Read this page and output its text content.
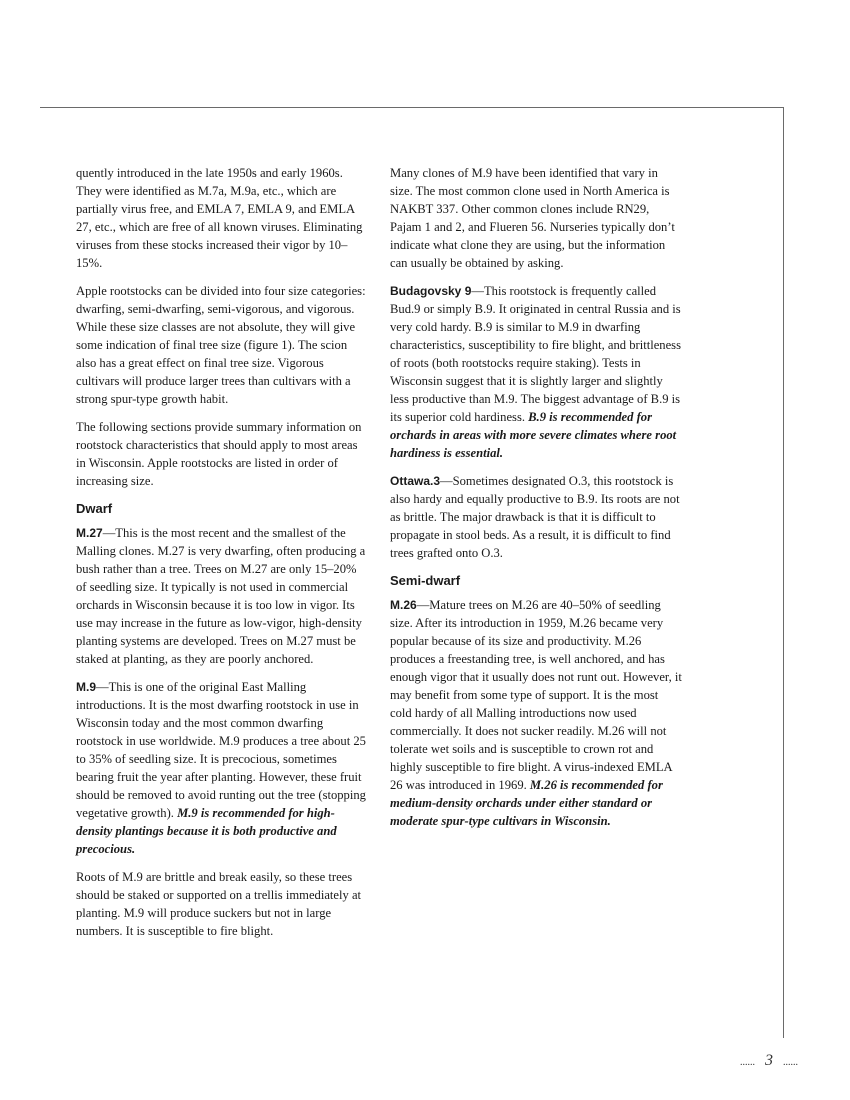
quently introduced in the late 1950s and early 1960s. They were identified as M.7a, M.9a, etc., which are partially virus free, and EMLA 7, EMLA 9, and EMLA 27, etc., which are free of all known viruses. Eliminating viruses from these stocks increased their vigor by 10–15%.

Apple rootstocks can be divided into four size categories: dwarfing, semi-dwarfing, semi-vigorous, and vigorous. While these size classes are not absolute, they will give some indication of final tree size (figure 1). The scion also has a great effect on final tree size. Vigorous cultivars will produce larger trees than cultivars with a strong spur-type growth habit.

The following sections provide summary information on rootstock characteristics that should apply to most areas in Wisconsin. Apple rootstocks are listed in order of increasing size.

Dwarf

M.27—This is the most recent and the smallest of the Malling clones. M.27 is very dwarfing, often producing a bush rather than a tree. Trees on M.27 are only 15–20% of seedling size. It typically is not used in commercial orchards in Wisconsin because it is too low in vigor. Its use may increase in the future as low-vigor, high-density planting systems are developed. Trees on M.27 must be staked at planting, as they are poorly anchored.

M.9—This is one of the original East Malling introductions. It is the most dwarfing rootstock in use in Wisconsin today and the most common dwarfing rootstock in use worldwide. M.9 produces a tree about 25 to 35% of seedling size. It is precocious, sometimes bearing fruit the year after planting. However, these fruit should be removed to avoid runting out the tree (stopping vegetative growth). M.9 is recommended for high-density plantings because it is both productive and precocious.

Roots of M.9 are brittle and break easily, so these trees should be staked or supported on a trellis immediately at planting. M.9 will produce suckers but not in large numbers. It is susceptible to fire blight.

Many clones of M.9 have been identified that vary in size. The most common clone used in North America is NAKBT 337. Other common clones include RN29, Pajam 1 and 2, and Flueren 56. Nurseries typically don’t indicate what clone they are using, but the information can usually be obtained by asking.

Budagovsky 9—This rootstock is frequently called Bud.9 or simply B.9. It originated in central Russia and is very cold hardy. B.9 is similar to M.9 in dwarfing characteristics, susceptibility to fire blight, and brittleness of roots (both rootstocks require staking). Tests in Wisconsin suggest that it is slightly larger and slightly less productive than M.9. The biggest advantage of B.9 is its superior cold hardiness. B.9 is recommended for orchards in areas with more severe climates where root hardiness is essential.

Ottawa.3—Sometimes designated O.3, this rootstock is also hardy and equally productive to B.9. Its roots are not as brittle. The major drawback is that it is difficult to propagate in stool beds. As a result, it is difficult to find trees grafted onto O.3.

Semi-dwarf

M.26—Mature trees on M.26 are 40–50% of seedling size. After its introduction in 1959, M.26 became very popular because of its size and productivity. M.26 produces a freestanding tree, is well anchored, and has enough vigor that it usually does not runt out. However, it may benefit from some type of support. It is the most cold hardy of all Malling introductions now used commercially. It does not sucker readily. M.26 will not tolerate wet soils and is susceptible to crown rot and highly susceptible to fire blight. A virus-indexed EMLA 26 was introduced in 1969. M.26 is recommended for medium-density orchards under either standard or moderate spur-type cultivars in Wisconsin.

...... 3 ......
